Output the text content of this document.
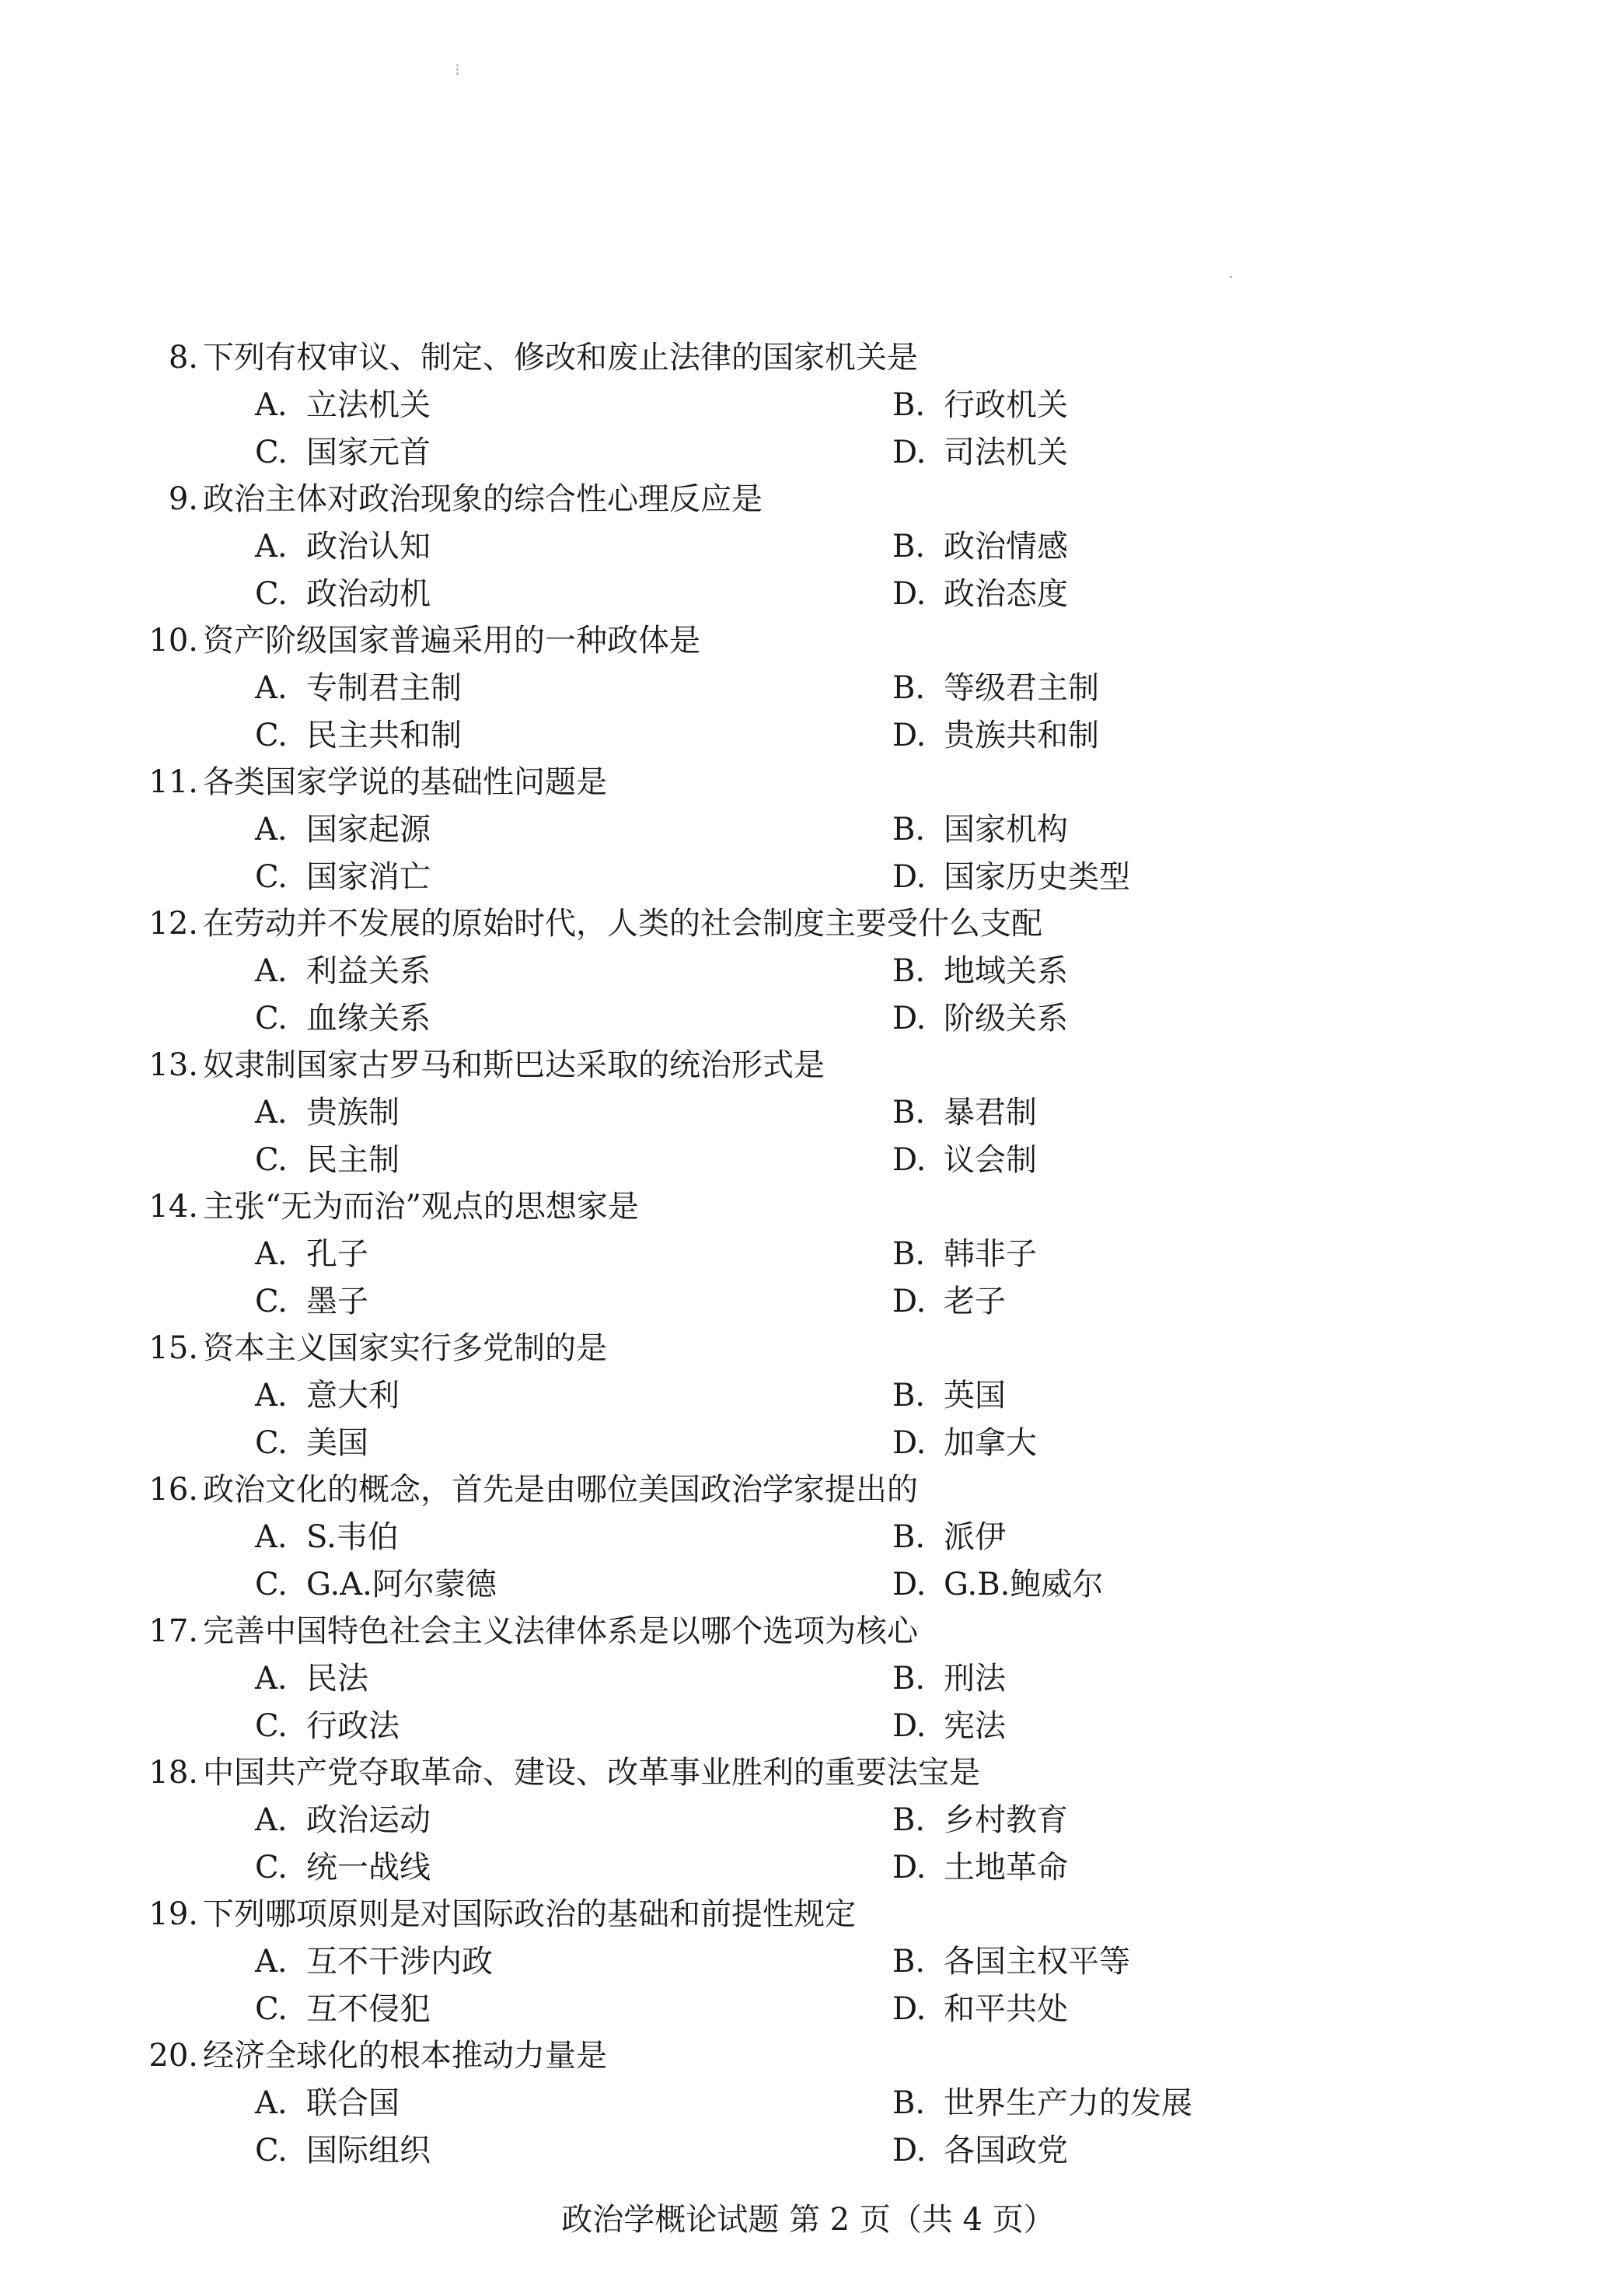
⁝
·
8. 下列有权审议、制定、修改和废止法律的国家机关是
A. 立法机关	B. 行政机关
C. 国家元首	D. 司法机关
9. 政治主体对政治现象的综合性心理反应是
A. 政治认知	B. 政治情感
C. 政治动机	D. 政治态度
10. 资产阶级国家普遍采用的一种政体是
A. 专制君主制	B. 等级君主制
C. 民主共和制	D. 贵族共和制
11. 各类国家学说的基础性问题是
A. 国家起源	B. 国家机构
C. 国家消亡	D. 国家历史类型
12. 在劳动并不发展的原始时代，人类的社会制度主要受什么支配
A. 利益关系	B. 地域关系
C. 血缘关系	D. 阶级关系
13. 奴隶制国家古罗马和斯巴达采取的统治形式是
A. 贵族制	B. 暴君制
C. 民主制	D. 议会制
14. 主张“无为而治”观点的思想家是
A. 孔子	B. 韩非子
C. 墨子	D. 老子
15. 资本主义国家实行多党制的是
A. 意大利	B. 英国
C. 美国	D. 加拿大
16. 政治文化的概念，首先是由哪位美国政治学家提出的
A. S.韦伯	B. 派伊
C. G.A.阿尔蒙德	D. G.B.鲍威尔
17. 完善中国特色社会主义法律体系是以哪个选项为核心
A. 民法	B. 刑法
C. 行政法	D. 宪法
18. 中国共产党夺取革命、建设、改革事业胜利的重要法宝是
A. 政治运动	B. 乡村教育
C. 统一战线	D. 土地革命
19. 下列哪项原则是对国际政治的基础和前提性规定
A. 互不干涉内政	B. 各国主权平等
C. 互不侵犯	D. 和平共处
20. 经济全球化的根本推动力量是
A. 联合国	B. 世界生产力的发展
C. 国际组织	D. 各国政党
政治学概论试题 第 2 页（共 4 页）
